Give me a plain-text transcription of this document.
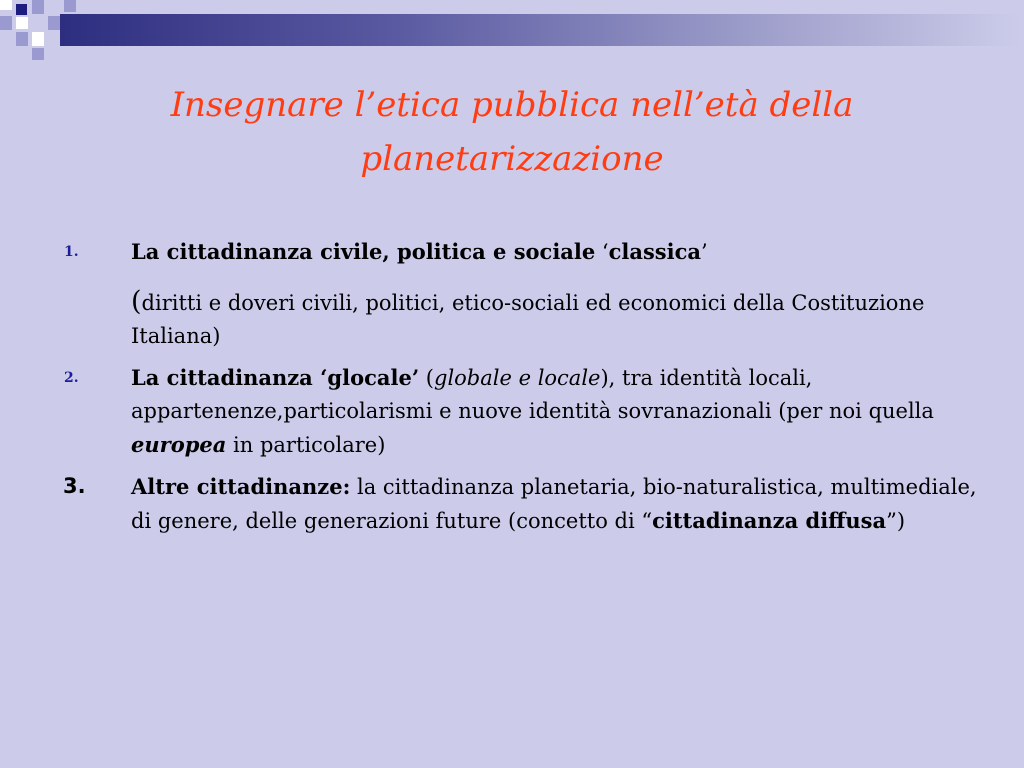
Insegnare l’etica pubblica nell’età della
planetarizzazione
1. La cittadinanza civile, politica e sociale ‘classica’
(diritti e doveri civili, politici, etico-sociali ed economici della Costituzione Italiana)
2. La cittadinanza ‘glocale’ (globale e locale), tra identità locali, appartenenze,particolarismi e nuove identità sovranazionali (per noi quella europea in particolare)
3. Altre cittadinanze: la cittadinanza planetaria, bio-naturalistica, multimediale, di genere, delle generazioni future (concetto di “cittadinanza diffusa”)
